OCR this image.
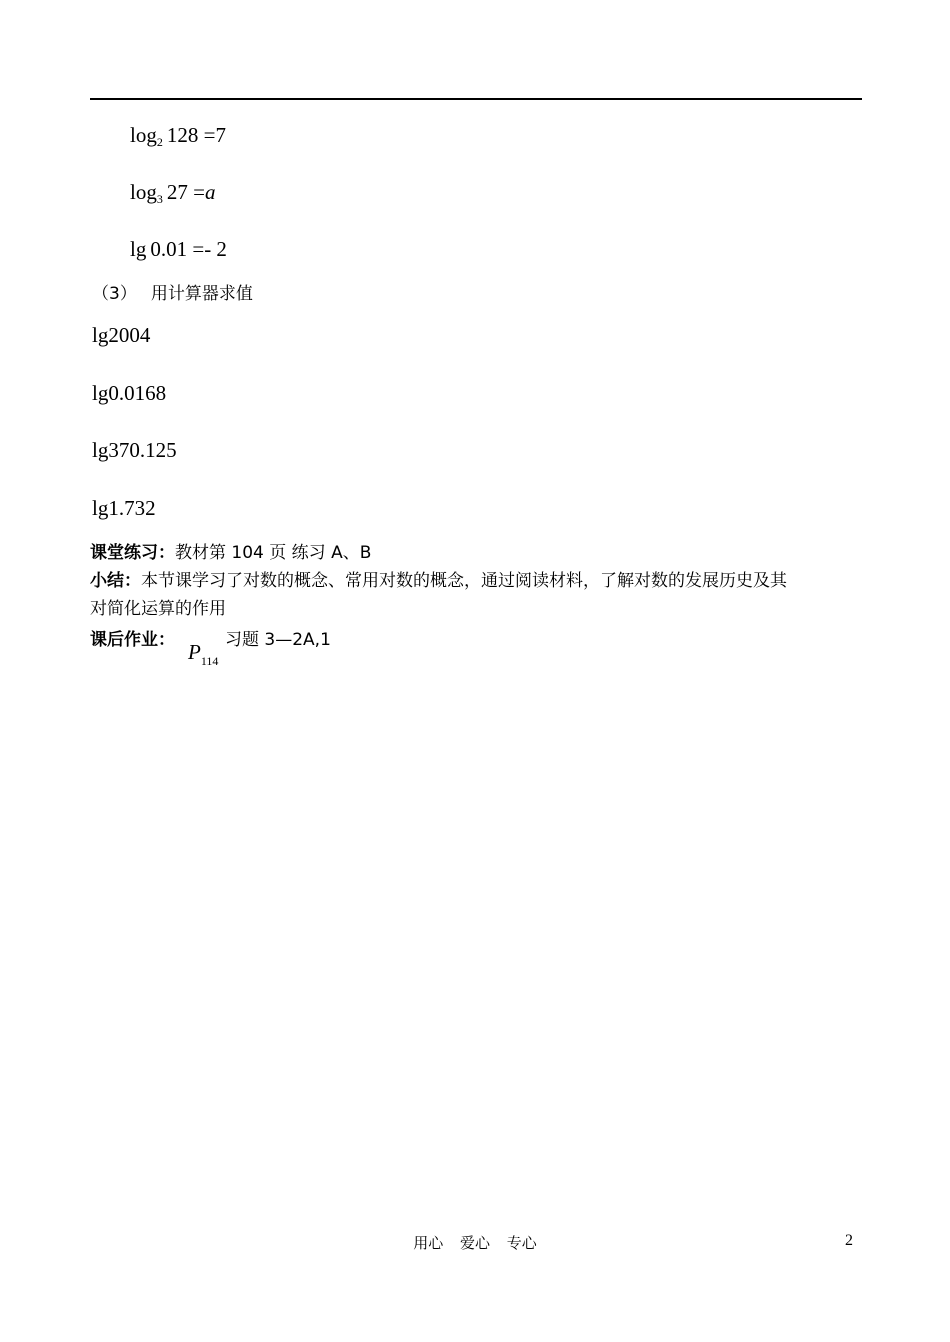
$\log_2 128 =7$
$\log_3 27 =a$
lg 0.01 =- 2
（3） 用计算器求值
lg2004
lg0.0168
lg370.125
lg1.732
课堂练习：教材第 104 页 练习 A、B
小结：本节课学习了对数的概念、常用对数的概念，通过阅读材料，了解对数的发展历史及其
对简化运算的作用
课后作业： $P_{114}$
习题 3—2A,1
用心 爱心 专心	2
